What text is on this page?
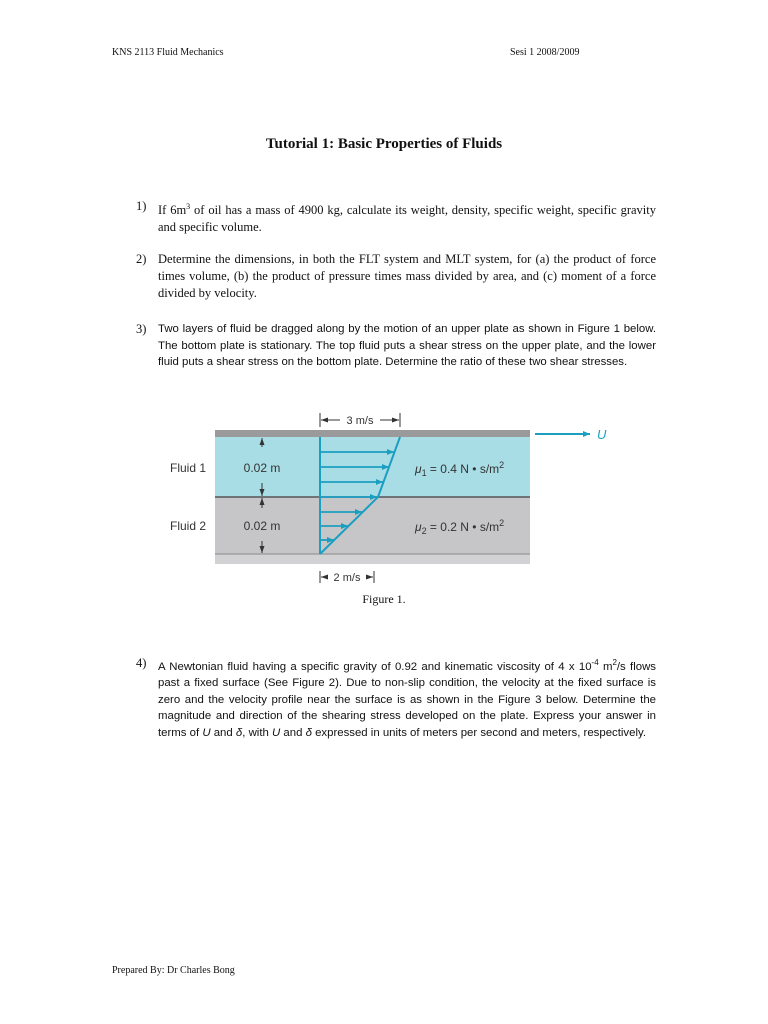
KNS 2113 Fluid Mechanics	Sesi 1 2008/2009
Tutorial 1: Basic Properties of Fluids
1) If $6m^3$ of oil has a mass of 4900 kg, calculate its weight, density, specific weight, specific gravity and specific volume.
2) Determine the dimensions, in both the FLT system and MLT system, for (a) the product of force times volume, (b) the product of pressure times mass divided by area, and (c) moment of a force divided by velocity.
3) Two layers of fluid be dragged along by the motion of an upper plate as shown in Figure 1 below. The bottom plate is stationary. The top fluid puts a shear stress on the upper plate, and the lower fluid puts a shear stress on the bottom plate. Determine the ratio of these two shear stresses.
U
3 m/s
0.02 m
0.02 m
Fluid 1
Fluid 2
$\mu_1 = 0.4$ N • $s/m^2$
$\mu_2 = 0.2$ N • $s/m^2$
2 m/s
Figure 1.
4) A Newtonian fluid having a specific gravity of 0.92 and kinematic viscosity of 4 x $10^{-4}$ $m^2/s$ flows past a fixed surface (See Figure 2). Due to non-slip condition, the velocity at the fixed surface is zero and the velocity profile near the surface is as shown in the Figure 3 below. Determine the magnitude and direction of the shearing stress developed on the plate. Express your answer in terms of U and δ, with U and δ expressed in units of meters per second and meters, respectively.
Prepared By: Dr Charles Bong
